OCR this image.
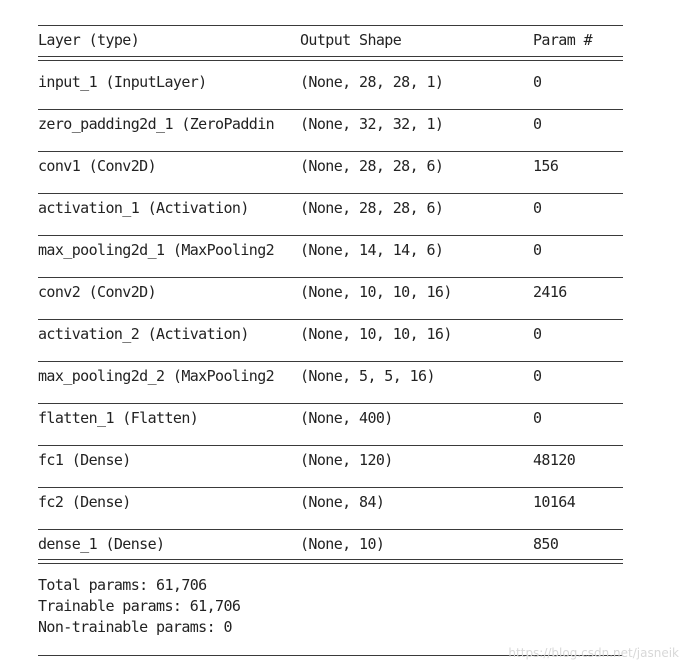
Layer (type)	Output Shape	Param #
input_1 (InputLayer)	(None, 28, 28, 1)	0
zero_padding2d_1 (ZeroPaddin	(None, 32, 32, 1)	0
conv1 (Conv2D)	(None, 28, 28, 6)	156
activation_1 (Activation)	(None, 28, 28, 6)	0
max_pooling2d_1 (MaxPooling2	(None, 14, 14, 6)	0
conv2 (Conv2D)	(None, 10, 10, 16)	2416
activation_2 (Activation)	(None, 10, 10, 16)	0
max_pooling2d_2 (MaxPooling2	(None, 5, 5, 16)	0
flatten_1 (Flatten)	(None, 400)	0
fc1 (Dense)	(None, 120)	48120
fc2 (Dense)	(None, 84)	10164
dense_1 (Dense)	(None, 10)	850
Total params: 61,706
Trainable params: 61,706
Non-trainable params: 0
https://blog.csdn.net/jasneik
